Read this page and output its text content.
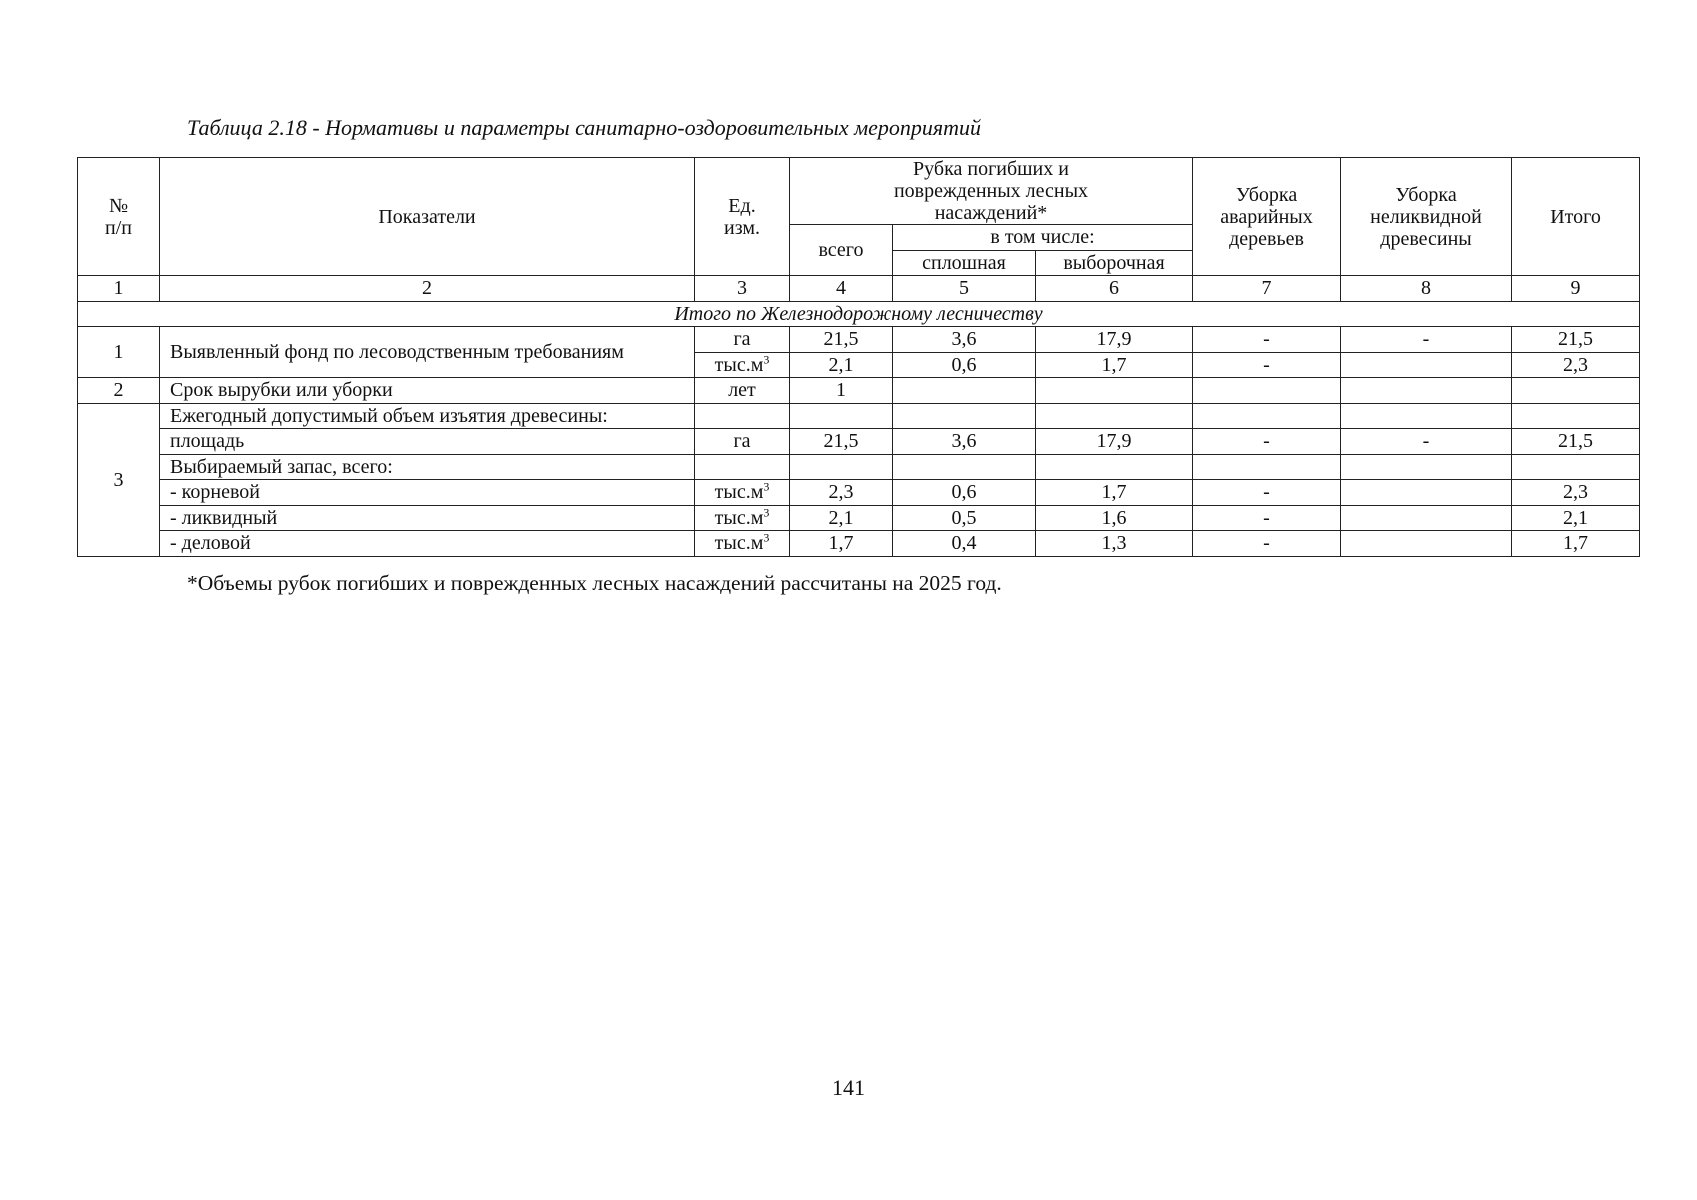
Таблица 2.18 - Нормативы и параметры санитарно-оздоровительных мероприятий
№ п/п	Показатели	Ед. изм.	Рубка погибших и поврежденных лесных насаждений*			Уборка аварийных деревьев	Уборка неликвидной древесины	Итого
			всего	в том числе:				
				сплошная	выборочная			
1	2	3	4	5	6	7	8	9
Итого по Железнодорожному лесничеству								
1	Выявленный фонд по лесоводственным требованиям	га	21,5	3,6	17,9	-	-	21,5
		$тыс.м^3$	2,1	0,6	1,7	-		2,3
2	Срок вырубки или уборки	лет	1					
3	Ежегодный допустимый объем изъятия древесины:							
	площадь	га	21,5	3,6	17,9	-	-	21,5
	Выбираемый запас, всего:							
	- корневой	$тыс.м^3$	2,3	0,6	1,7	-		2,3
	- ликвидный	$тыс.м^3$	2,1	0,5	1,6	-		2,1
	- деловой	$тыс.м^3$	1,7	0,4	1,3	-		1,7
*Объемы рубок погибших и поврежденных лесных насаждений рассчитаны на 2025 год.
141
